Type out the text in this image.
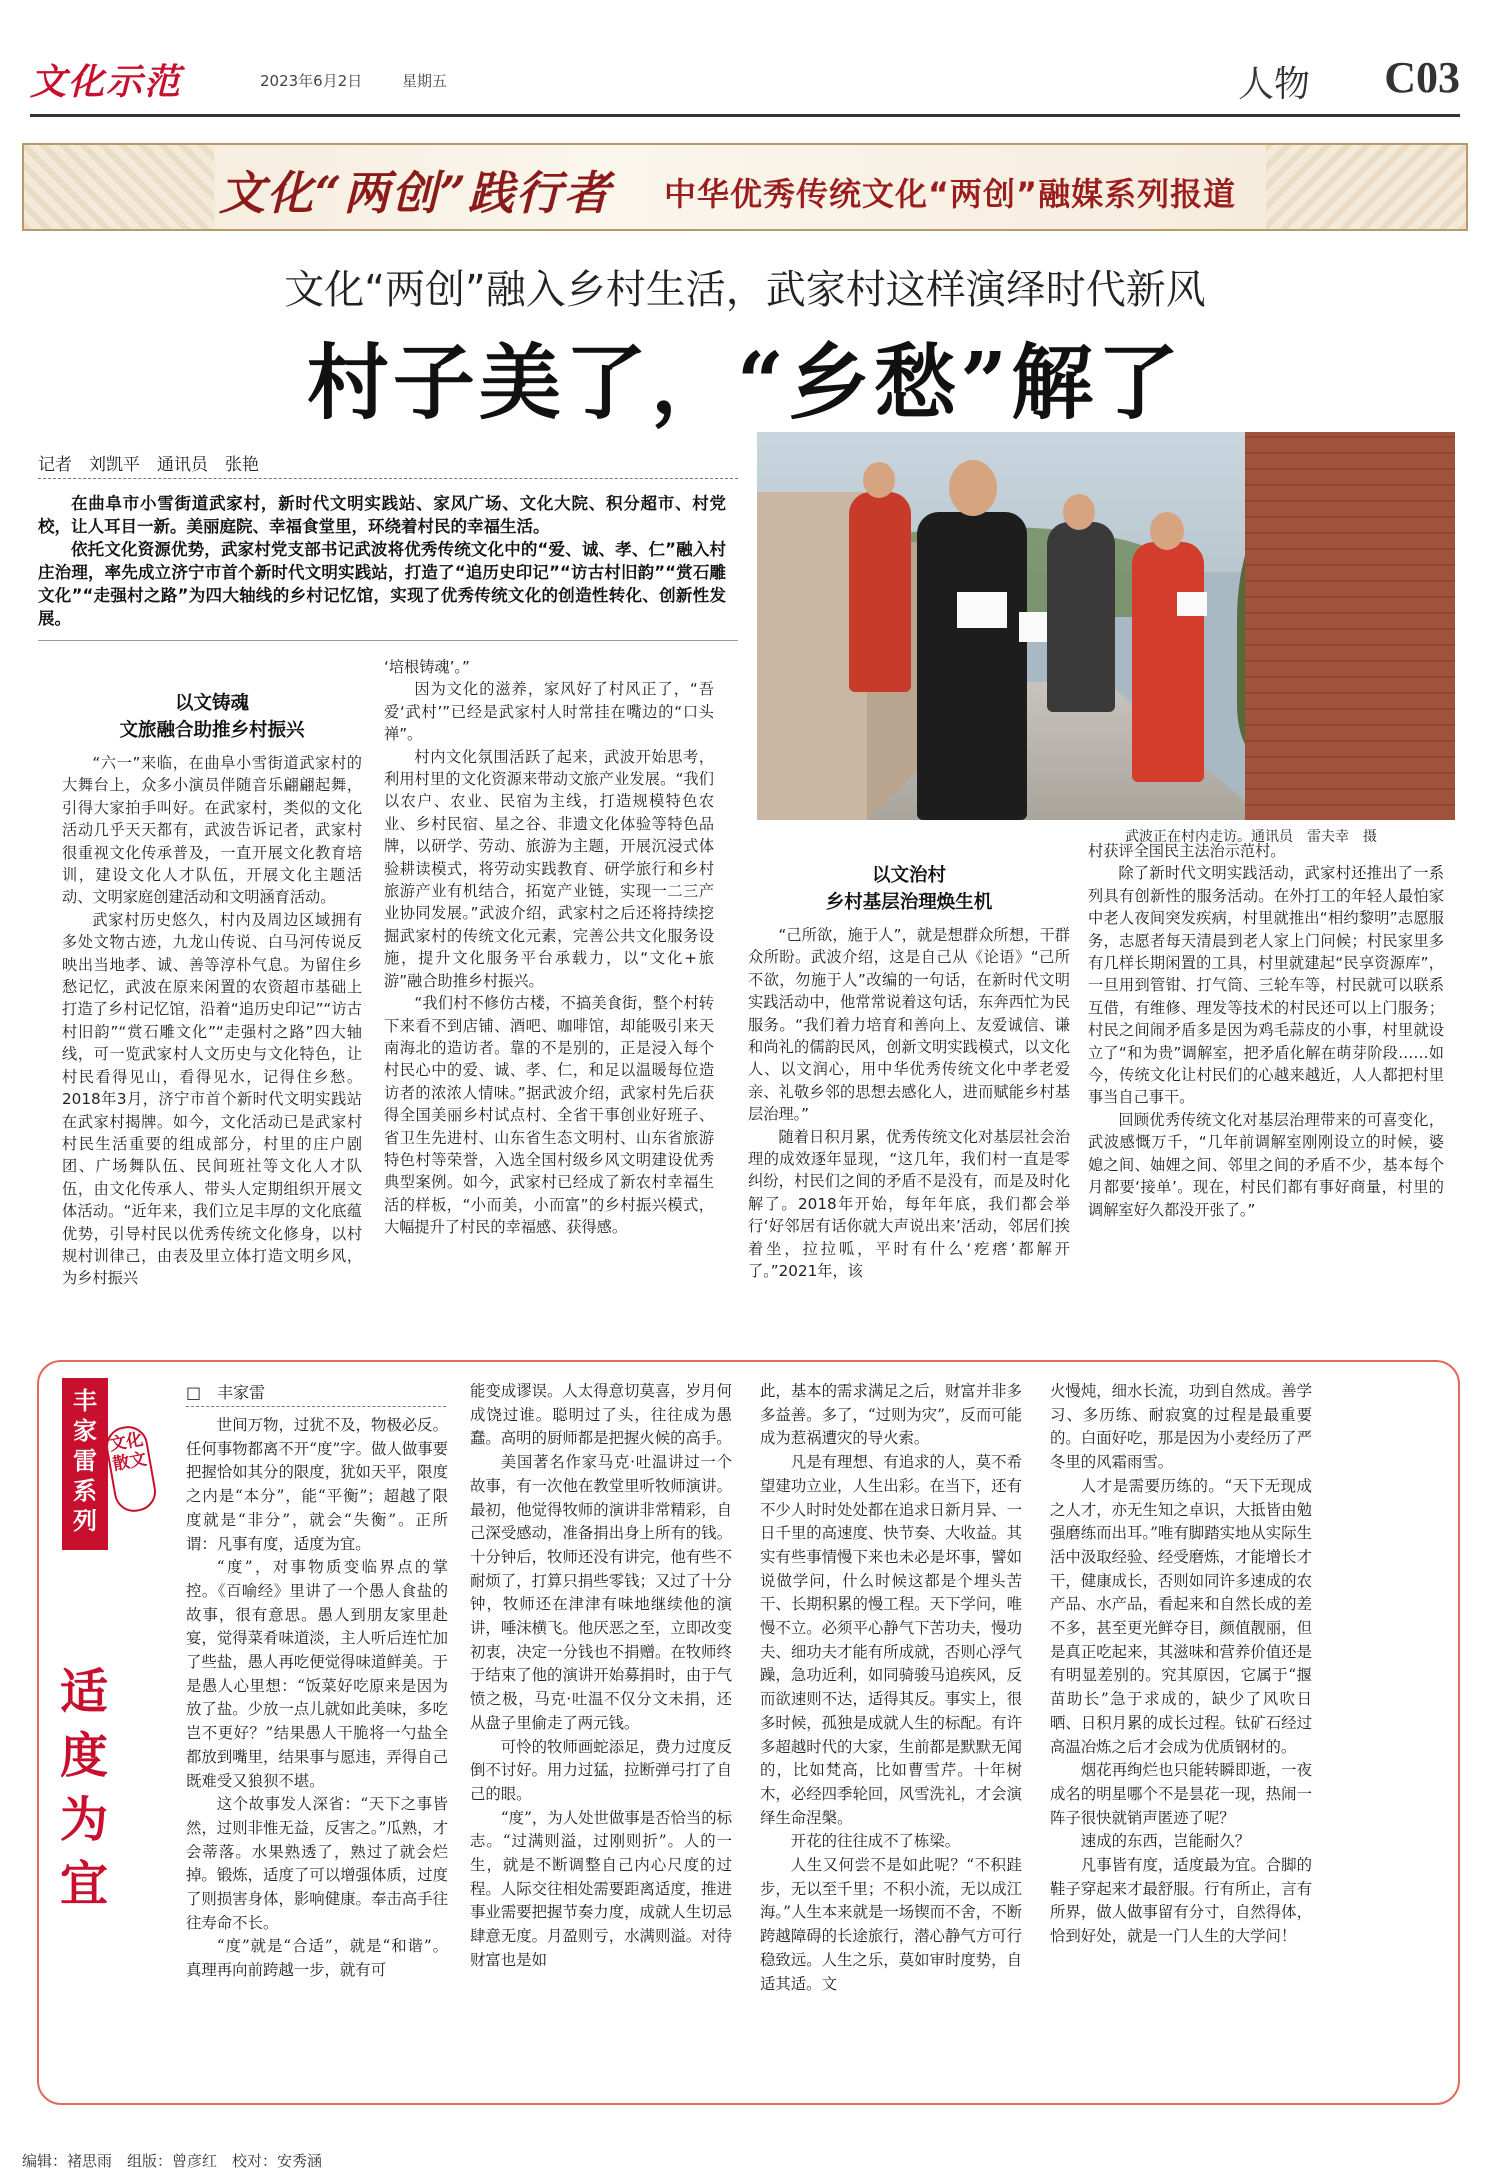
文化示范	2023年6月2日	星期五	人物 C03
文化“两创”践行者 中华优秀传统文化“两创”融媒系列报道
文化“两创”融入乡村生活，武家村这样演绎时代新风
村子美了，“乡愁”解了
记者　刘凯平　通讯员　张艳

在曲阜市小雪街道武家村，新时代文明实践站、家风广场、文化大院、积分超市、村党校，让人耳目一新。美丽庭院、幸福食堂里，环绕着村民的幸福生活。

依托文化资源优势，武家村党支部书记武波将优秀传统文化中的“爱、诚、孝、仁”融入村庄治理，率先成立济宁市首个新时代文明实践站，打造了“追历史印记”“访古村旧韵”“赏石雕文化”“走强村之路”为四大轴线的乡村记忆馆，实现了优秀传统文化的创造性转化、创新性发展。

武波正在村内走访。通讯员　雷夫幸　摄
以文铸魂
文旅融合助推乡村振兴

“六一”来临，在曲阜小雪街道武家村的大舞台上，众多小演员伴随音乐翩翩起舞，引得大家拍手叫好。在武家村，类似的文化活动几乎天天都有，武波告诉记者，武家村很重视文化传承普及，一直开展文化教育培训，建设文化人才队伍，开展文化主题活动、文明家庭创建活动和文明涵育活动。

武家村历史悠久，村内及周边区域拥有多处文物古迹，九龙山传说、白马河传说反映出当地孝、诚、善等淳朴气息。为留住乡愁记忆，武波在原来闲置的农资超市基础上打造了乡村记忆馆，沿着“追历史印记”“访古村旧韵”“赏石雕文化”“走强村之路”四大轴线，可一览武家村人文历史与文化特色，让村民看得见山，看得见水，记得住乡愁。2018年3月，济宁市首个新时代文明实践站在武家村揭牌。如今，文化活动已是武家村村民生活重要的组成部分，村里的庄户剧团、广场舞队伍、民间班社等文化人才队伍，由文化传承人、带头人定期组织开展文体活动。“近年来，我们立足丰厚的文化底蕴优势，引导村民以优秀传统文化修身，以村规村训律己，由表及里立体打造文明乡风，为乡村振兴

‘培根铸魂’。”

因为文化的滋养，家风好了村风正了，“吾爱‘武村’”已经是武家村人时常挂在嘴边的“口头禅”。

村内文化氛围活跃了起来，武波开始思考，利用村里的文化资源来带动文旅产业发展。“我们以农户、农业、民宿为主线，打造规模特色农业、乡村民宿、星之谷、非遗文化体验等特色品牌，以研学、劳动、旅游为主题，开展沉浸式体验耕读模式，将劳动实践教育、研学旅行和乡村旅游产业有机结合，拓宽产业链，实现一二三产业协同发展。”武波介绍，武家村之后还将持续挖掘武家村的传统文化元素，完善公共文化服务设施，提升文化服务平台承载力，以“文化+旅游”融合助推乡村振兴。

“我们村不修仿古楼，不搞美食街，整个村转下来看不到店铺、酒吧、咖啡馆，却能吸引来天南海北的造访者。靠的不是别的，正是浸入每个村民心中的爱、诚、孝、仁，和足以温暖每位造访者的浓浓人情味。”据武波介绍，武家村先后获得全国美丽乡村试点村、全省干事创业好班子、省卫生先进村、山东省生态文明村、山东省旅游特色村等荣誉，入选全国村级乡风文明建设优秀典型案例。如今，武家村已经成了新农村幸福生活的样板，“小而美，小而富”的乡村振兴模式，大幅提升了村民的幸福感、获得感。

以文治村
乡村基层治理焕生机

“己所欲，施于人”，就是想群众所想，干群众所盼。武波介绍，这是自己从《论语》“己所不欲，勿施于人”改编的一句话，在新时代文明实践活动中，他常常说着这句话，东奔西忙为民服务。“我们着力培育和善向上、友爱诚信、谦和尚礼的儒韵民风，创新文明实践模式，以文化人、以文润心，用中华优秀传统文化中孝老爱亲、礼敬乡邻的思想去感化人，进而赋能乡村基层治理。”

随着日积月累，优秀传统文化对基层社会治理的成效逐年显现，“这几年，我们村一直是零纠纷，村民们之间的矛盾不是没有，而是及时化解了。2018年开始，每年年底，我们都会举行‘好邻居有话你就大声说出来’活动，邻居们挨着坐，拉拉呱，平时有什么‘疙瘩’都解开了。”2021年，该

村获评全国民主法治示范村。

除了新时代文明实践活动，武家村还推出了一系列具有创新性的服务活动。在外打工的年轻人最怕家中老人夜间突发疾病，村里就推出“相约黎明”志愿服务，志愿者每天清晨到老人家上门问候；村民家里多有几样长期闲置的工具，村里就建起“民享资源库”，一旦用到管钳、打气筒、三轮车等，村民就可以联系互借，有维修、理发等技术的村民还可以上门服务；村民之间闹矛盾多是因为鸡毛蒜皮的小事，村里就设立了“和为贵”调解室，把矛盾化解在萌芽阶段……如今，传统文化让村民们的心越来越近，人人都把村里事当自己事干。

回顾优秀传统文化对基层治理带来的可喜变化，武波感慨万千，“几年前调解室刚刚设立的时候，婆媳之间、妯娌之间、邻里之间的矛盾不少，基本每个月都要‘接单’。现在，村民们都有事好商量，村里的调解室好久都没开张了。”

丰家雷系列
文化散文
适度为宜
□　丰家雷

世间万物，过犹不及，物极必反。任何事物都离不开“度”字。做人做事要把握恰如其分的限度，犹如天平，限度之内是“本分”，能“平衡”；超越了限度就是“非分”，就会“失衡”。正所谓：凡事有度，适度为宜。

“度”，对事物质变临界点的掌控。《百喻经》里讲了一个愚人食盐的故事，很有意思。愚人到朋友家里赴宴，觉得菜肴味道淡，主人听后连忙加了些盐，愚人再吃便觉得味道鲜美。于是愚人心里想：“饭菜好吃原来是因为放了盐。少放一点儿就如此美味，多吃岂不更好？”结果愚人干脆将一勺盐全都放到嘴里，结果事与愿违，弄得自己既难受又狼狈不堪。

这个故事发人深省：“天下之事皆然，过则非惟无益，反害之。”瓜熟，才会蒂落。水果熟透了，熟过了就会烂掉。锻炼，适度了可以增强体质，过度了则损害身体，影响健康。奉击高手往往寿命不长。

“度”就是“合适”，就是“和谐”。真理再向前跨越一步，就有可

能变成谬误。人太得意切莫喜，岁月何成饶过谁。聪明过了头，往往成为愚蠢。高明的厨师都是把握火候的高手。

美国著名作家马克·吐温讲过一个故事，有一次他在教堂里听牧师演讲。最初，他觉得牧师的演讲非常精彩，自己深受感动，准备捐出身上所有的钱。十分钟后，牧师还没有讲完，他有些不耐烦了，打算只捐些零钱；又过了十分钟，牧师还在津津有味地继续他的演讲，唾沫横飞。他厌恶之至，立即改变初衷，决定一分钱也不捐赠。在牧师终于结束了他的演讲开始募捐时，由于气愤之极，马克·吐温不仅分文未捐，还从盘子里偷走了两元钱。

可怜的牧师画蛇添足，费力过度反倒不讨好。用力过猛，拉断弹弓打了自己的眼。

“度”，为人处世做事是否恰当的标志。“过满则溢，过刚则折”。人的一生，就是不断调整自己内心尺度的过程。人际交往相处需要距离适度，推进事业需要把握节奏力度，成就人生切忌肆意无度。月盈则亏，水满则溢。对待财富也是如

此，基本的需求满足之后，财富并非多多益善。多了，“过则为灾”，反而可能成为惹祸遭灾的导火索。

凡是有理想、有追求的人，莫不希望建功立业，人生出彩。在当下，还有不少人时时处处都在追求日新月异、一日千里的高速度、快节奏、大收益。其实有些事情慢下来也未必是坏事，譬如说做学问，什么时候这都是个埋头苦干、长期积累的慢工程。天下学问，唯慢不立。必须平心静气下苦功夫，慢功夫、细功夫才能有所成就，否则心浮气躁，急功近利，如同骑骏马追疾风，反而欲速则不达，适得其反。事实上，很多时候，孤独是成就人生的标配。有许多超越时代的大家，生前都是默默无闻的，比如梵高，比如曹雪芹。十年树木，必经四季轮回，风雪洗礼，才会演绎生命涅槃。

开花的往往成不了栋梁。

人生又何尝不是如此呢？“不积跬步，无以至千里；不积小流，无以成江海。”人生本来就是一场锲而不舍，不断跨越障碍的长途旅行，潜心静气方可行稳致远。人生之乐，莫如审时度势，自适其适。文

火慢炖，细水长流，功到自然成。善学习、多历练、耐寂寞的过程是最重要的。白面好吃，那是因为小麦经历了严冬里的风霜雨雪。

人才是需要历练的。“天下无现成之人才，亦无生知之卓识，大抵皆由勉强磨练而出耳。”唯有脚踏实地从实际生活中汲取经验、经受磨炼，才能增长才干，健康成长，否则如同许多速成的农产品、水产品，看起来和自然长成的差不多，甚至更光鲜夺目，颜值靓丽，但是真正吃起来，其滋味和营养价值还是有明显差别的。究其原因，它属于“揠苗助长”急于求成的，缺少了风吹日晒、日积月累的成长过程。钛矿石经过高温冶炼之后才会成为优质钢材的。

烟花再绚烂也只能转瞬即逝，一夜成名的明星哪个不是昙花一现，热闹一阵子很快就销声匿迹了呢？

速成的东西，岂能耐久？

凡事皆有度，适度最为宜。合脚的鞋子穿起来才最舒服。行有所止，言有所界，做人做事留有分寸，自然得体，恰到好处，就是一门人生的大学问！

编辑：褚思雨　组版：曾彦红　校对：安秀涵
